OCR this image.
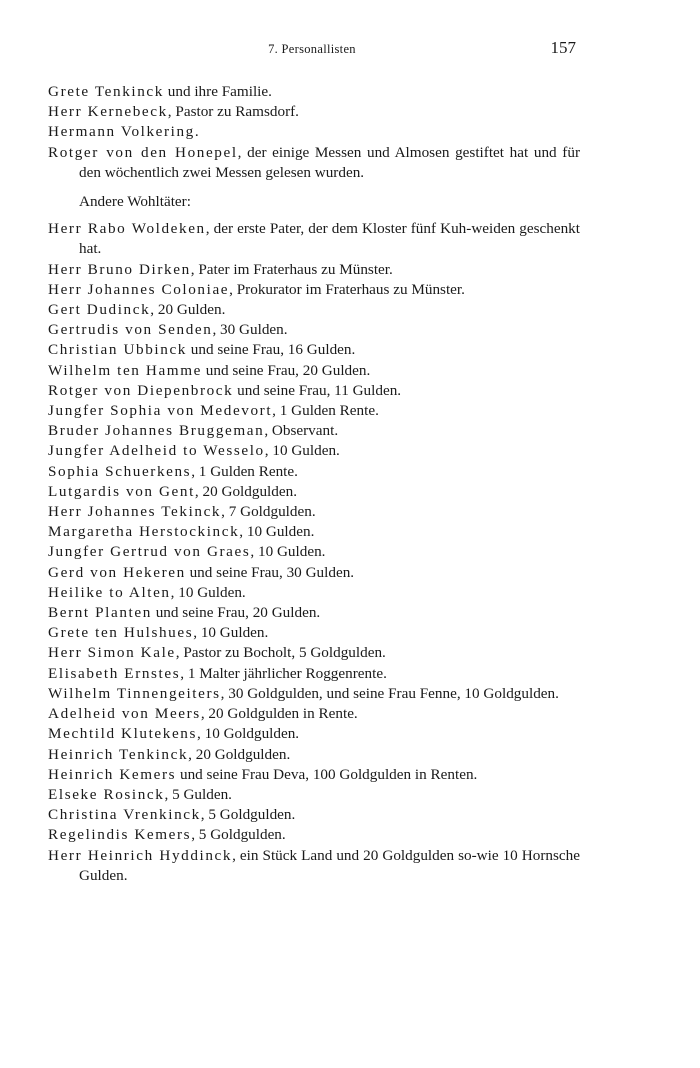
7. Personallisten	157

Grete Tenkinck und ihre Familie.

Herr Kernebeck, Pastor zu Ramsdorf.

Hermann Volkering.

Rotger von den Honepel, der einige Messen und Almosen gestiftet hat und für den wöchentlich zwei Messen gelesen wurden.

Andere Wohltäter:

Herr Rabo Woldeken, der erste Pater, der dem Kloster fünf Kuh-weiden geschenkt hat.

Herr Bruno Dirken, Pater im Fraterhaus zu Münster.

Herr Johannes Coloniae, Prokurator im Fraterhaus zu Münster.

Gert Dudinck, 20 Gulden.

Gertrudis von Senden, 30 Gulden.

Christian Ubbinck und seine Frau, 16 Gulden.

Wilhelm ten Hamme und seine Frau, 20 Gulden.

Rotger von Diepenbrock und seine Frau, 11 Gulden.

Jungfer Sophia von Medevort, 1 Gulden Rente.

Bruder Johannes Bruggeman, Observant.

Jungfer Adelheid to Wesselo, 10 Gulden.

Sophia Schuerkens, 1 Gulden Rente.

Lutgardis von Gent, 20 Goldgulden.

Herr Johannes Tekinck, 7 Goldgulden.

Margaretha Herstockinck, 10 Gulden.

Jungfer Gertrud von Graes, 10 Gulden.

Gerd von Hekeren und seine Frau, 30 Gulden.

Heilike to Alten, 10 Gulden.

Bernt Planten und seine Frau, 20 Gulden.

Grete ten Hulshues, 10 Gulden.

Herr Simon Kale, Pastor zu Bocholt, 5 Goldgulden.

Elisabeth Ernstes, 1 Malter jährlicher Roggenrente.

Wilhelm Tinnengeiters, 30 Goldgulden, und seine Frau Fenne, 10 Goldgulden.

Adelheid von Meers, 20 Goldgulden in Rente.

Mechtild Klutekens, 10 Goldgulden.

Heinrich Tenkinck, 20 Goldgulden.

Heinrich Kemers und seine Frau Deva, 100 Goldgulden in Renten.

Elseke Rosinck, 5 Gulden.

Christina Vrenkinck, 5 Goldgulden.

Regelindis Kemers, 5 Goldgulden.

Herr Heinrich Hyddinck, ein Stück Land und 20 Goldgulden so-wie 10 Hornsche Gulden.
